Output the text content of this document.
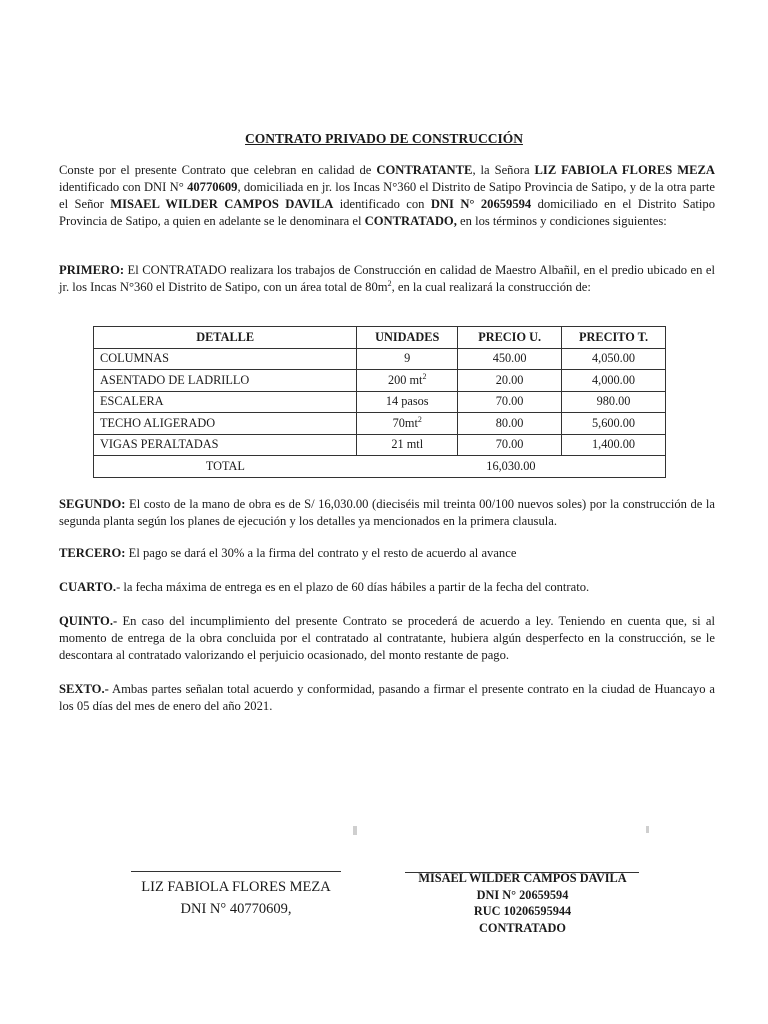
CONTRATO PRIVADO DE CONSTRUCCIÓN

Conste por el presente Contrato que celebran en calidad de CONTRATANTE, la Señora LIZ FABIOLA FLORES MEZA identificado con DNI N° 40770609, domiciliada en jr. los Incas N°360 el Distrito de Satipo Provincia de Satipo, y de la otra parte el Señor MISAEL WILDER CAMPOS DAVILA identificado con DNI N° 20659594 domiciliado en el Distrito Satipo Provincia de Satipo, a quien en adelante se le denominara el CONTRATADO, en los términos y condiciones siguientes:

PRIMERO: El CONTRATADO realizara los trabajos de Construcción en calidad de Maestro Albañil, en el predio ubicado en el jr. los Incas N°360 el Distrito de Satipo, con un área total de $80m^2$, en la cual realizará la construcción de:

DETALLE	UNIDADES	PRECIO U.	PRECITO T.
COLUMNAS	9	450.00	4,050.00
ASENTADO DE LADRILLO	200 $mt^2$	20.00	4,000.00
ESCALERA	14 pasos	70.00	980.00
TECHO ALIGERADO	$70mt^2$	80.00	5,600.00
VIGAS PERALTADAS	21 mtl	70.00	1,400.00
TOTAL	16,030.00		

SEGUNDO: El costo de la mano de obra es de S/ 16,030.00 (dieciséis mil treinta 00/100 nuevos soles) por la construcción de la segunda planta según los planes de ejecución y los detalles ya mencionados en la primera clausula.

TERCERO: El pago se dará el 30% a la firma del contrato y el resto de acuerdo al avance

CUARTO.- la fecha máxima de entrega es en el plazo de 60 días hábiles a partir de la fecha del contrato.

QUINTO.- En caso del incumplimiento del presente Contrato se procederá de acuerdo a ley. Teniendo en cuenta que, si al momento de entrega de la obra concluida por el contratado al contratante, hubiera algún desperfecto en la construcción, se le descontara al contratado valorizando el perjuicio ocasionado, del monto restante de pago.

SEXTO.- Ambas partes señalan total acuerdo y conformidad, pasando a firmar el presente contrato en la ciudad de Huancayo a los 05 días del mes de enero del año 2021.

LIZ FABIOLA FLORES MEZA
DNI N° 40770609,
MISAEL WILDER CAMPOS DAVILA
DNI N° 20659594
RUC 10206595944
CONTRATADO
